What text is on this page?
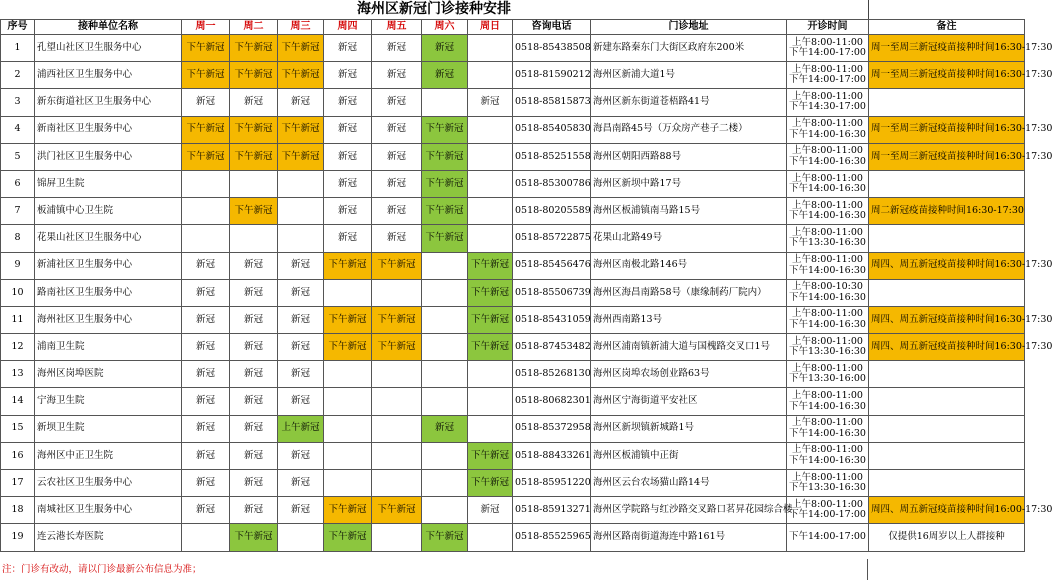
海州区新冠门诊接种安排
序号	接种单位名称	周一	周二	周三	周四	周五	周六	周日	咨询电话	门诊地址	开诊时间	备注
1	孔望山社区卫生服务中心	下午新冠	下午新冠	下午新冠	新冠	新冠	新冠		0518-85438508	新建东路秦东门大街区政府东200米	上午8:00-11:00
下午14:00-17:00	周一至周三新冠疫苗接种时间16:30-17:30
2	浦西社区卫生服务中心	下午新冠	下午新冠	下午新冠	新冠	新冠	新冠		0518-81590212	海州区新浦大道1号	上午8:00-11:00
下午14:00-17:00	周一至周三新冠疫苗接种时间16:30-17:30
3	新东街道社区卫生服务中心	新冠	新冠	新冠	新冠	新冠		新冠	0518-85815873	海州区新东街道苍梧路41号	上午8:00-11:00
下午14:30-17:00	

4	新南社区卫生服务中心	下午新冠	下午新冠	下午新冠	新冠	新冠	下午新冠		0518-85405830	海昌南路45号（万众房产巷子二楼）	上午8:00-11:00
下午14:00-16:30	周一至周三新冠疫苗接种时间16:30-17:30
5	洪门社区卫生服务中心	下午新冠	下午新冠	下午新冠	新冠	新冠	下午新冠		0518-85251558	海州区朝阳西路88号	上午8:00-11:00
下午14:00-16:30	周一至周三新冠疫苗接种时间16:30-17:30
6	锦屏卫生院				新冠	新冠	下午新冠		0518-85300786	海州区新坝中路17号	上午8:00-11:00
下午14:00-16:30	

7	板浦镇中心卫生院		下午新冠		新冠	新冠	下午新冠		0518-80205589	海州区板浦镇南马路15号	上午8:00-11:00
下午14:00-16:30	周二新冠疫苗接种时间16:30-17:30
8	花果山社区卫生服务中心				新冠	新冠	下午新冠		0518-85722875	花果山北路49号	上午8:00-11:00
下午13:30-16:30	

9	新浦社区卫生服务中心	新冠	新冠	新冠	下午新冠	下午新冠		下午新冠	0518-85456476	海州区南极北路146号	上午8:00-11:00
下午14:00-16:30	周四、周五新冠疫苗接种时间16:30-17:30
10	路南社区卫生服务中心	新冠	新冠	新冠				下午新冠	0518-85506739	海州区海昌南路58号（康缘制药厂院内）	上午8:00-10:30
下午14:00-16:30	

11	海州社区卫生服务中心	新冠	新冠	新冠	下午新冠	下午新冠		下午新冠	0518-85431059	海州西南路13号	上午8:00-11:00
下午14:00-16:30	周四、周五新冠疫苗接种时间16:30-17:30
12	浦南卫生院	新冠	新冠	新冠	下午新冠	下午新冠		下午新冠	0518-87453482	海州区浦南镇新浦大道与国槐路交叉口1号	上午8:00-11:00
下午13:30-16:30	周四、周五新冠疫苗接种时间16:30-17:30
13	海州区岗埠医院	新冠	新冠	新冠					0518-85268130	海州区岗埠农场创业路63号	上午8:00-11:00
下午13:30-16:00	

14	宁海卫生院	新冠	新冠	新冠					0518-80682301	海州区宁海街道平安社区	上午8:00-11:00
下午14:00-16:30	

15	新坝卫生院	新冠	新冠	上午新冠			新冠		0518-85372958	海州区新坝镇新城路1号	上午8:00-11:00
下午14:00-16:30	

16	海州区中正卫生院	新冠	新冠	新冠				下午新冠	0518-88433261	海州区板浦镇中正街	上午8:00-11:00
下午14:00-16:30	

17	云农社区卫生服务中心	新冠	新冠	新冠				下午新冠	0518-85951220	海州区云台农场猫山路14号	上午8:00-11:00
下午13:30-16:30	

18	南城社区卫生服务中心	新冠	新冠	新冠	下午新冠	下午新冠		新冠	0518-85913271	海州区学院路与红沙路交叉路口茗昇花园综合楼	上午8:00-11:00
下午14:00-17:00	周四、周五新冠疫苗接种时间16:00-17:30
19	连云港长寿医院		下午新冠		下午新冠		下午新冠		0518-85525965	海州区路南街道海连中路161号	下午14:00-17:00	仅提供16周岁以上人群接种
注：门诊有改动，请以门诊最新公布信息为准；
